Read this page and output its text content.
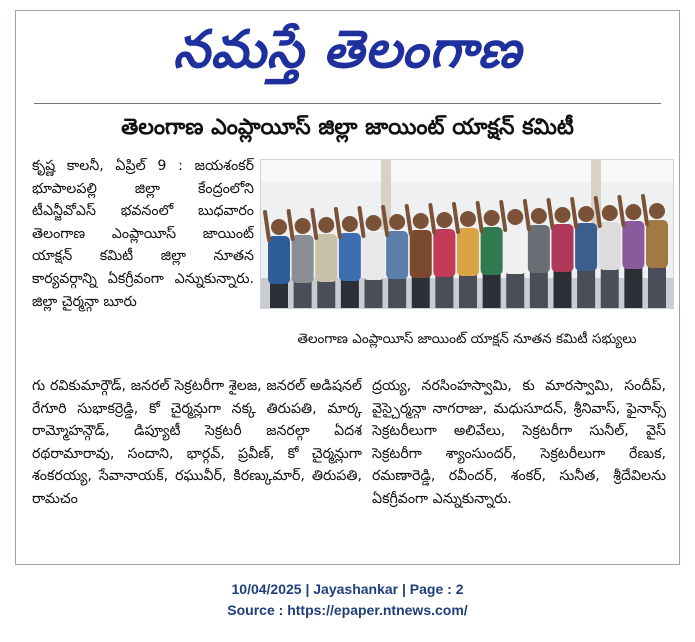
నమస్తే తెలంగాణ
తెలంగాణ ఎంప్లాయీస్ జిల్లా జాయింట్ యాక్షన్ కమిటీ
కృష్ణ కాలనీ, ఏప్రిల్ 9 : జయశంకర్ భూపాలపల్లి జిల్లా కేంద్రంలోని టీఎన్జీవోఎస్ భవనంలో బుధవారం తెలంగాణ ఎంప్లాయీస్ జాయింట్ యాక్షన్ కమిటీ జిల్లా నూతన కార్యవర్గాన్ని ఏకగ్రీవంగా ఎన్నుకున్నారు. జిల్లా చైర్మన్గా బూరు
తెలంగాణ ఎంప్లాయీస్ జాయింట్ యాక్షన్ నూతన కమిటీ సభ్యులు
గు రవికుమార్గౌడ్, జనరల్ సెక్రటరీగా శైలజ, జనరల్ అడిషనల్ రేగూరి సుభాకర్రెడ్డి, కో చైర్మన్లుగా నక్క తిరుపతి, మార్క రామ్మోహన్గౌడ్, డిప్యూటీ సెక్రటరీ జనరల్గా ఏదశ రథరామారావు, సందాని, భార్గవ్, ప్రవీణ్, కో చైర్మన్లుగా శంకరయ్య, సేవానాయక్, రఘువీర్, కిరణ్కుమార్, తిరుపతి, రామచం
ద్రయ్య, నరసింహస్వామి, కు మారస్వామి, సందీప్, వైస్చైర్మన్గా నాగరాజు, మధుసూదన్, శ్రీనివాస్, ఫైనాన్స్ సెక్రటరీలుగా అలివేలు, సెక్రటరీగా సునీల్, వైస్ సెక్రటరీగా శ్యాంసుందర్, సెక్రటరీలుగా రేణుక, రమణారెడ్డి, రవీందర్, శంకర్, సునీత, శ్రీదేవిలను ఏకగ్రీవంగా ఎన్నుకున్నారు.
10/04/2025 | Jayashankar | Page : 2
Source : https://epaper.ntnews.com/
